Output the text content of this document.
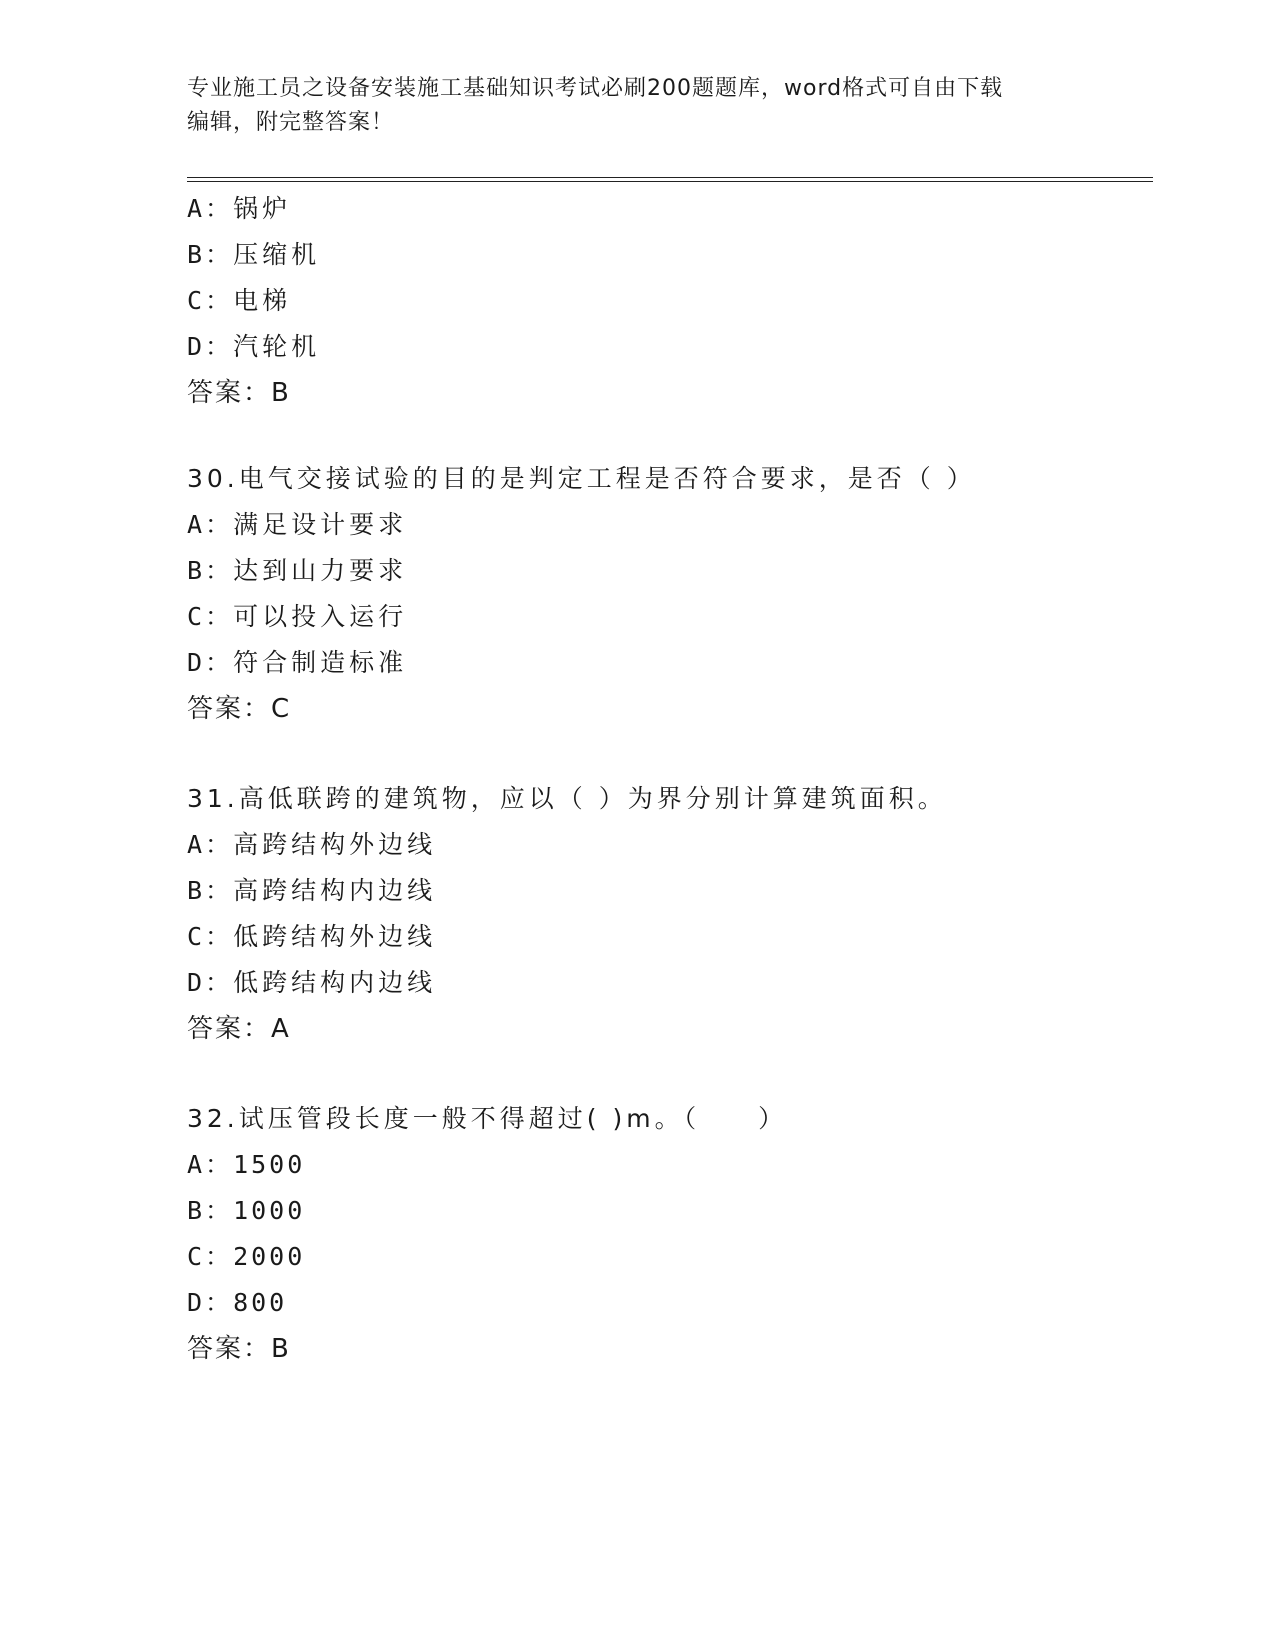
专业施工员之设备安装施工基础知识考试必刷200题题库，word格式可自由下载
编辑，附完整答案！
A：锅炉
B：压缩机
C：电梯
D：汽轮机
答案：B
30.电气交接试验的目的是判定工程是否符合要求，是否（ ）
A：满足设计要求
B：达到山力要求
C：可以投入运行
D：符合制造标准
答案：C
31.高低联跨的建筑物，应以（ ）为界分别计算建筑面积。
A：高跨结构外边线
B：高跨结构内边线
C：低跨结构外边线
D：低跨结构内边线
答案：A
32.试压管段长度一般不得超过( )m。（　　）
A：1500
B：1000
C：2000
D：800
答案：B
